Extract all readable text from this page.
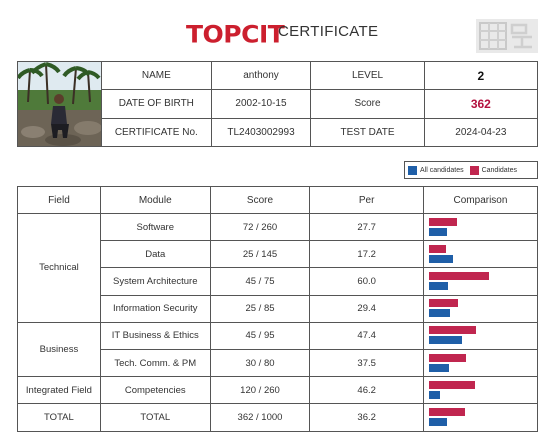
TOPCIT
CERTIFICATE
	NAME	anthony	LEVEL	2
	DATE OF BIRTH	2002-10-15	Score	362
	CERTIFICATE No.	TL2403002993	TEST DATE	2024-04-23
All candidates	Candidates
Field	Module	Score	Per	Comparison
Technical	Software	72 / 260	27.7	

	Data	25 / 145	17.2	

	System Architecture	45 / 75	60.0	

	Information Security	25 / 85	29.4	

Business	IT Business & Ethics	45 / 95	47.4	

	Tech. Comm. & PM	30 / 80	37.5	

Integrated Field	Competencies	120 / 260	46.2	

TOTAL	TOTAL	362 / 1000	36.2	
